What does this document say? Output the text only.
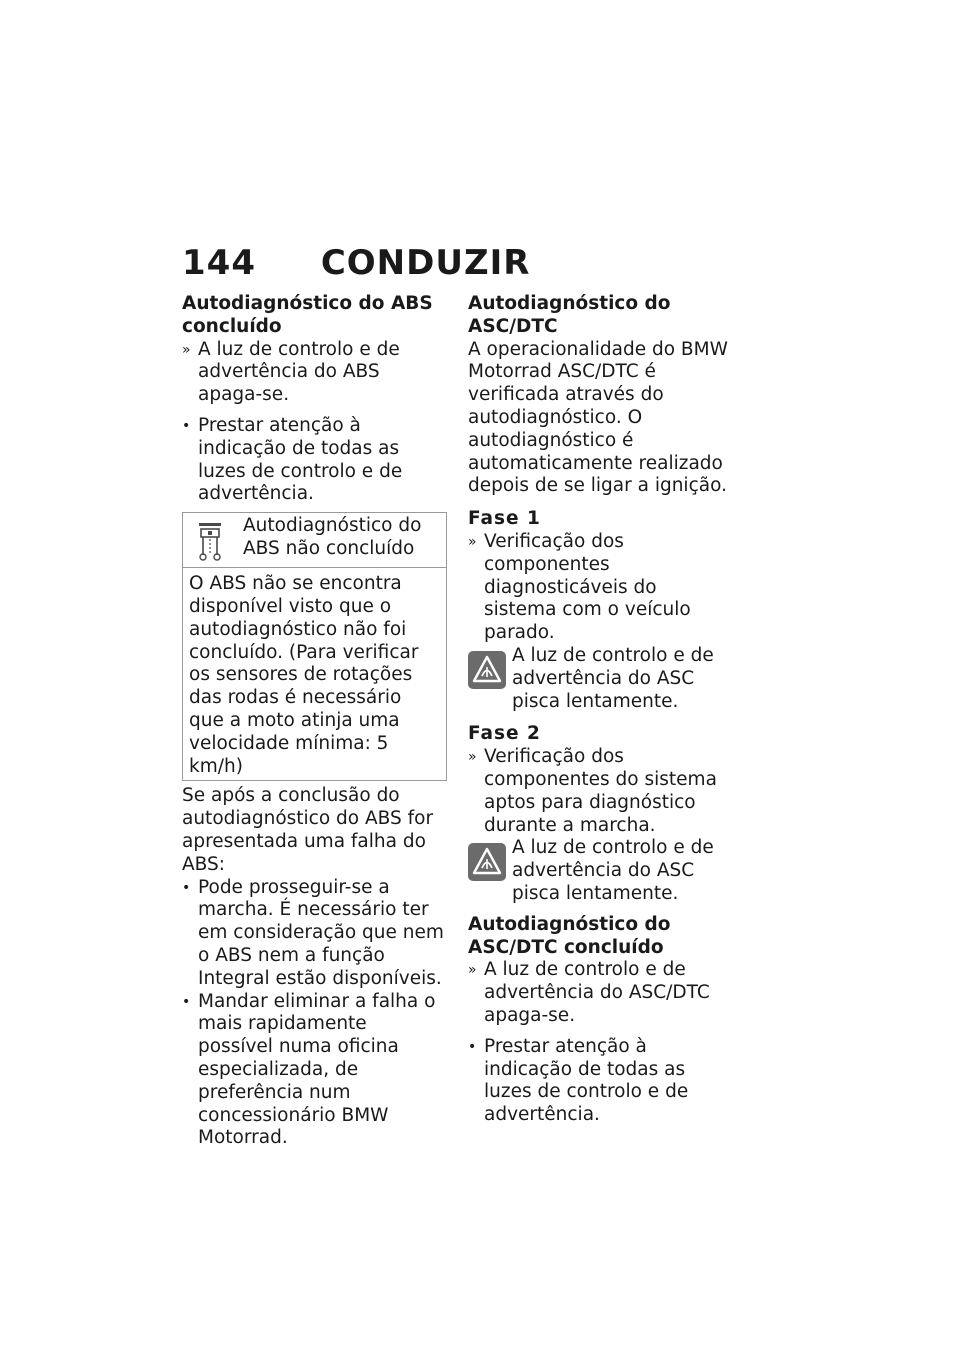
144 CONDUZIR
Autodiagnóstico do ABS concluído
» A luz de controlo e de advertência do ABS apaga-se.
• Prestar atenção à indicação de todas as luzes de controlo e de advertência.
Autodiagnóstico do ABS não concluído
O ABS não se encontra disponível visto que o autodiagnóstico não foi concluído. (Para verificar os sensores de rotações das rodas é necessário que a moto atinja uma velocidade mínima: 5 km/h)

Se após a conclusão do autodiagnóstico do ABS for apresentada uma falha do ABS:

• Pode prosseguir-se a marcha. É necessário ter em consideração que nem o ABS nem a função Integral estão disponíveis.
• Mandar eliminar a falha o mais rapidamente possível numa oficina especializada, de preferência num concessionário BMW Motorrad.
Autodiagnóstico do ASC/DTC

A operacionalidade do BMW Motorrad ASC/DTC é verificada através do autodiagnóstico. O autodiagnóstico é automaticamente realizado depois de se ligar a ignição.

Fase 1
» Verificação dos componentes diagnosticáveis do sistema com o veículo parado.
A luz de controlo e de advertência do ASC pisca lentamente.
Fase 2
» Verificação dos componentes do sistema aptos para diagnóstico durante a marcha.
A luz de controlo e de advertência do ASC pisca lentamente.
Autodiagnóstico do ASC/DTC concluído
» A luz de controlo e de advertência do ASC/DTC apaga-se.
• Prestar atenção à indicação de todas as luzes de controlo e de advertência.
